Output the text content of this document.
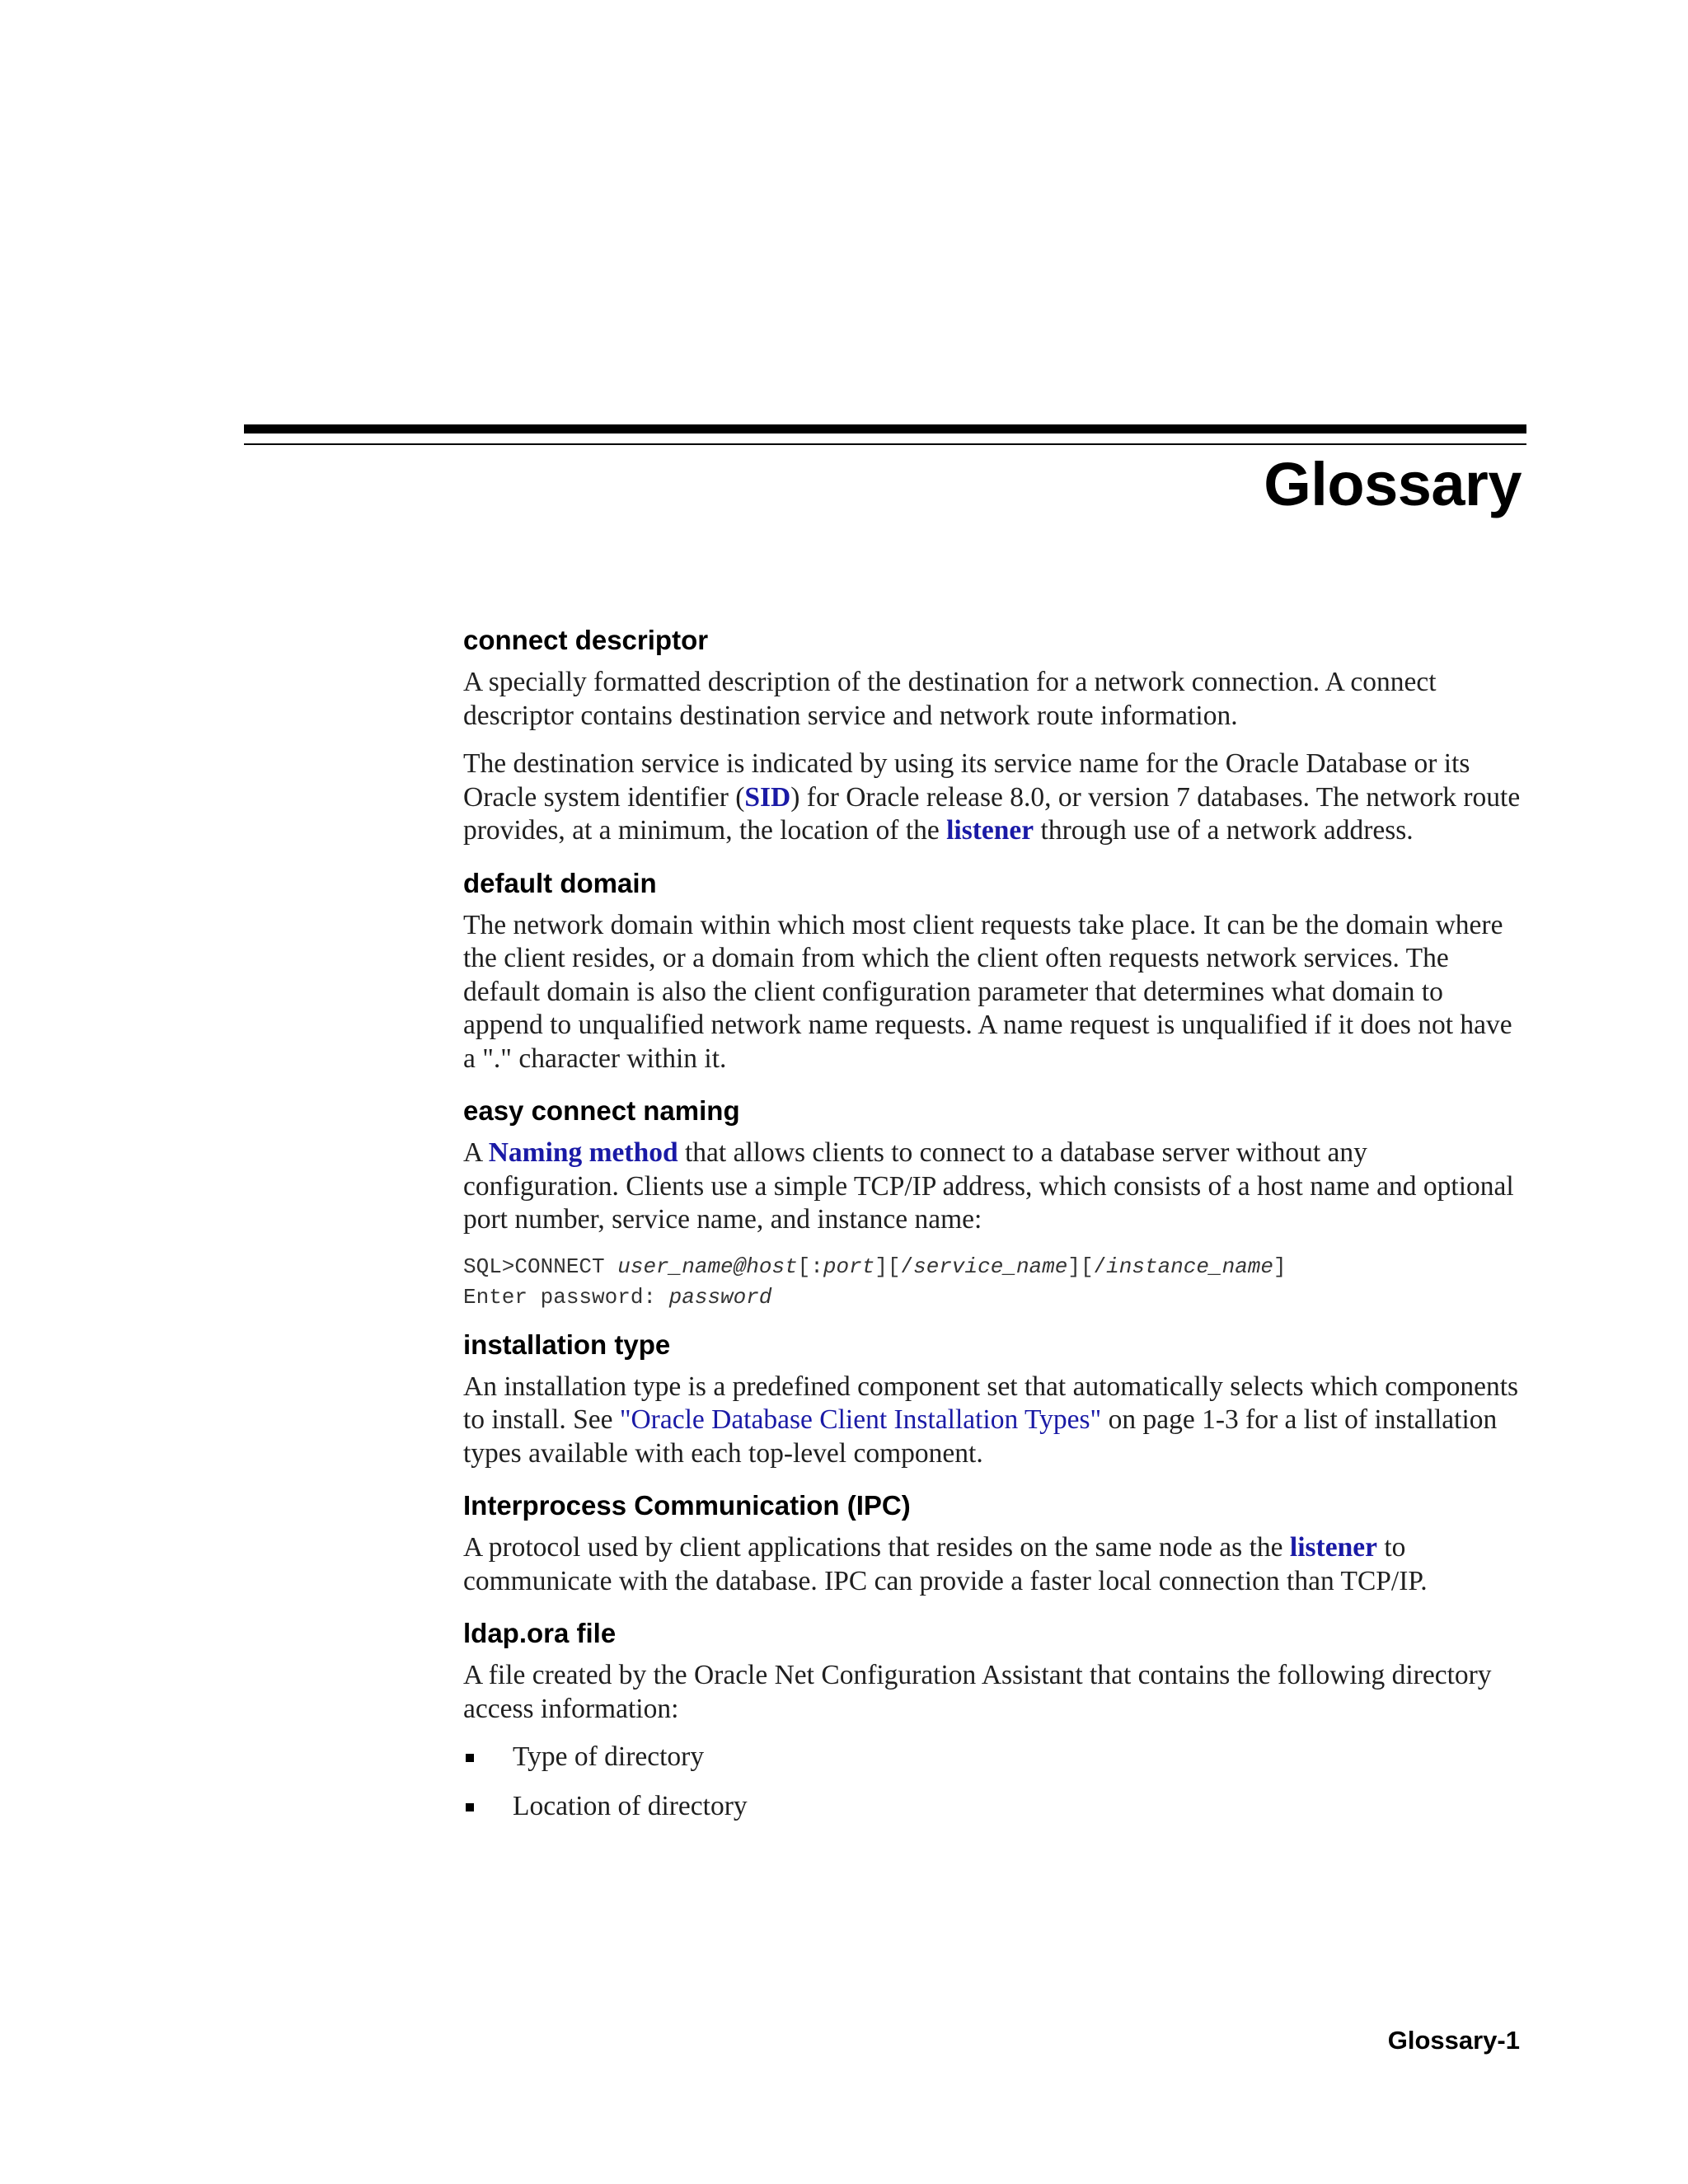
Glossary
connect descriptor

A specially formatted description of the destination for a network connection. A connect descriptor contains destination service and network route information.

The destination service is indicated by using its service name for the Oracle Database or its Oracle system identifier (SID) for Oracle release 8.0, or version 7 databases. The network route provides, at a minimum, the location of the listener through use of a network address.

default domain

The network domain within which most client requests take place. It can be the domain where the client resides, or a domain from which the client often requests network services. The default domain is also the client configuration parameter that determines what domain to append to unqualified network name requests. A name request is unqualified if it does not have a "." character within it.

easy connect naming

A Naming method that allows clients to connect to a database server without any configuration. Clients use a simple TCP/IP address, which consists of a host name and optional port number, service name, and instance name:

SQL>CONNECT user_name@host[:port][/service_name][/instance_name]
Enter password: password
installation type

An installation type is a predefined component set that automatically selects which components to install. See "Oracle Database Client Installation Types" on page 1-3 for a list of installation types available with each top-level component.

Interprocess Communication (IPC)

A protocol used by client applications that resides on the same node as the listener to communicate with the database. IPC can provide a faster local connection than TCP/IP.

ldap.ora file

A file created by the Oracle Net Configuration Assistant that contains the following directory access information:

Type of directory
Location of directory
Glossary-1
